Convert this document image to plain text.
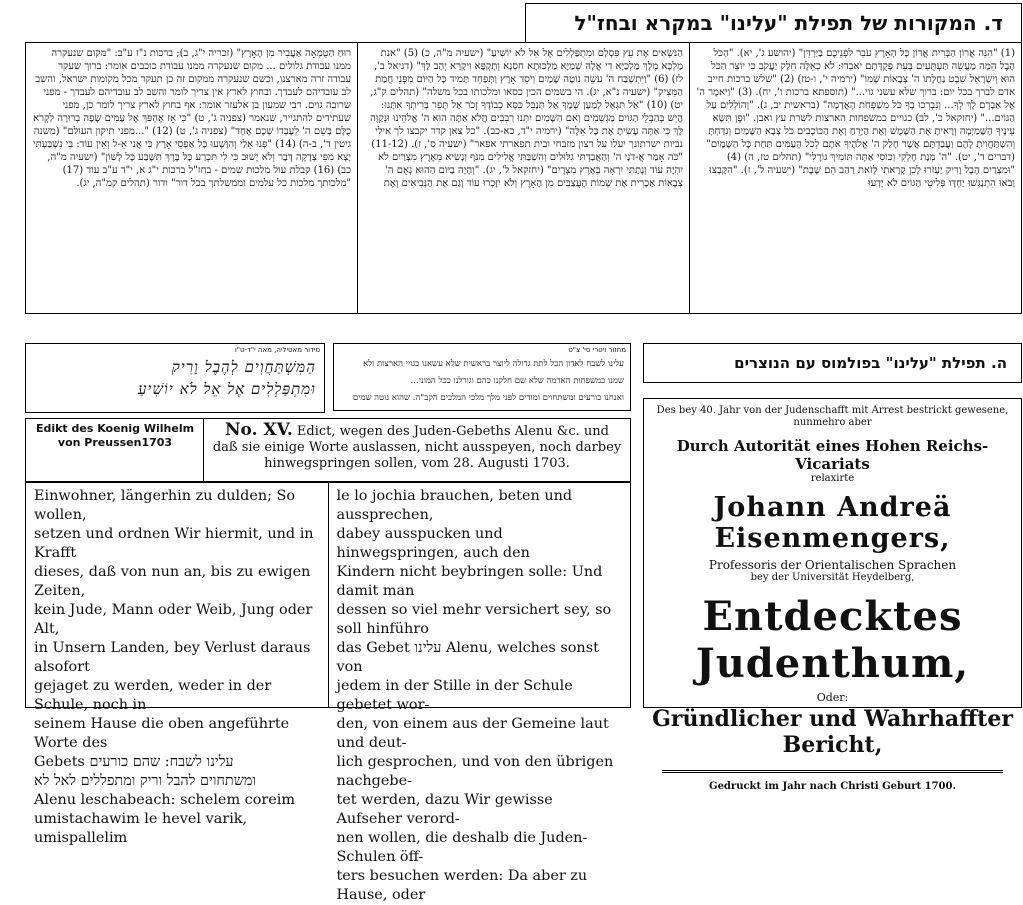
ד. המקורות של תפילת "עלינו" במקרא ובחז"ל
(1) "הִנֵּה אֲרוֹן הַבְּרִית אֲדוֹן כָּל הָאָרֶץ עֹבֵר לִפְנֵיכֶם בַּיַּרְדֵּן" (יהושע ג', יא). "הַכֹּל הֶבֶל הֵמָּה מַעֲשֵׂה תַּעְתֻּעִים בְּעֵת פְּקֻדָּתָם יֹאבֵדוּ: לֹא כְאֵלֶּה חֵלֶק יַעֲקֹב כִּי יוֹצֵר הַכֹּל הוּא וְיִשְׂרָאֵל שֵׁבֶט נַחֲלָתוֹ ה' צְבָאוֹת שְׁמוֹ" (ירמיה י', ו-טז) (2) "שלש ברכות חייב אדם לברך בכל יום: ברוך שלא עשני גוי..." (תוספתא ברכות ו', יח). (3) "וַיֹּאמֶר ה' אֶל אַבְרָם לֶךְ לְךָ... וְנִבְרְכוּ בְךָ כֹּל מִשְׁפְּחֹת הָאֲדָמָה" (בראשית יב, ג). "וְהוֹלְלִים עַל הַגּוֹיִם..." (יחזקאל כ', לב) כגויים כמשפחות הארצות לשרת עץ ואבן. "וּפֶן תִּשָּׂא עֵינֶיךָ הַשָּׁמַיְמָה וְרָאִיתָ אֶת הַשֶּׁמֶשׁ וְאֶת הַיָּרֵחַ וְאֶת הַכּוֹכָבִים כֹּל צְבָא הַשָּׁמַיִם וְנִדַּחְתָּ וְהִשְׁתַּחֲוִיתָ לָהֶם וַעֲבַדְתָּם אֲשֶׁר חָלַק ה' אֱלֹהֶיךָ אֹתָם לְכֹל הָעַמִּים תַּחַת כָּל הַשָּׁמָיִם" (דברים ד', יט). "ה' מְנָת חֶלְקִי וְכוֹסִי אַתָּה תּוֹמִיךְ גּוֹרָלִי" (תהלים טז, ה) (4) "וּמִצְרַיִם הֶבֶל וָרִיק יַעְזֹרוּ לָכֵן קָרָאתִי לָזֹאת רַהַב הֵם שָׁבֶת" (ישעיה ל', ז). "הִקָּבְצוּ וָבֹאוּ הִתְנַגְּשׁוּ יַחְדָּו פְּלִיטֵי הַגּוֹיִם לֹא יָדְעוּ
הַנֹּשְׂאִים אֶת עֵץ פִּסְלָם וּמִתְפַּלְלִים אֶל אֵל לֹא יוֹשִׁיעַ" (ישעיה מ"ה, כ) (5) "אנת מַלְכָּא מֶלֶךְ מַלְכַיָּא דִי אֱלָהּ שְׁמַיָּא מַלְכוּתָא חִסְנָא וְתָקְפָּא וִיקָרָא יְהַב לָךְ" (דניאל ב', לז) (6) "וַיִּתְשְׁבַּח ה' עֹשֵׂה נוֹטֶה שָׁמַיִם וְיֹסֵד אָרֶץ וַתְּפַחֵד תָּמִיד כָּל הַיּוֹם מִפְּנֵי חֲמַת הַמֵּצִיק" (ישעיה נ"א, יג). הי בשמים הכין כסאו ומלכותו בכל משלה" (תהלים ק"ג, יט) (10) "אַל תִּגְאַל לְמַעַן שְׁמֶךָ אַל תְּנַבֵּל כִּסֵּא כְבוֹדֶךָ זְכֹר אַל תָּפֵר בְּרִיתְךָ אִתָּנוּ: הֲיֵשׁ בְּהַבְלֵי הַגּוֹיִם מַגְשִׁמִים וְאִם הַשָּׁמַיִם יִתְּנוּ רְבִבִים הֲלֹא אַתָּה הוּא ה' אֱלֹהֵינוּ וּנְקַוֶּה לָּךְ כִּי אַתָּה עָשִׂיתָ אֶת כָּל אֵלֶּה" (ירמיה י"ד, כא-כב). "כל צאן קדר יקבצו לך אילי נביות ישרתונך יעלו על רצון מזבחי ובית תפארתי אפאר" (ישעיה ס', ז). (11-12) "כֹּה אָמַר אֲ-דֹנָי ה' וְהַאֲבַדְתִּי גִלּוּלִים וְהִשְׁבַּתִּי אֱלִילִים מִנֹּף וְנָשִׂיא מֵאֶרֶץ מִצְרַיִם לֹא יִהְיֶה עוֹד וְנָתַתִּי יִרְאָה בְּאֶרֶץ מִצְרָיִם" (יחזקאל ל', יג). "וְהָיָה בַיּוֹם הַהוּא נְאֻם ה' צְבָאוֹת אַכְרִית אֶת שְׁמוֹת הָעֲצַבִּים מִן הָאָרֶץ וְלֹא יִזָּכְרוּ עוֹד וְגַם אֶת הַנְּבִיאִים וְאֶת
רוּחַ הַטֻּמְאָה אַעֲבִיר מִן הָאָרֶץ" (זכריה י"ג, ב); ברכות נ"ז ע"ב: "מקום שנעקרה ממנו עבודת גלולים ... מקום שנעקרה ממנו עבודת כוכבים אומר: ברוך שעקר עבודה זרה מארצנו, וכשם שנעקרה ממקום זה כן תעקר מכל מקומות ישראל, והשב לב עובדיהם לעבדך. ובחוץ לארץ אין צריך לומר והשב לב עובדיהם לעבדך - מפני שרובה גוים. רבי שמעון בן אלעזר אומר: אף בחוץ לארץ צריך לומר כן, מפני שעתידים להתגייר, שנאמר (צפניה ג', ט) "כִּי אָז אֶהְפֹּךְ אֶל עַמִּים שָׂפָה בְרוּרָה לִקְרֹא כֻלָּם בְּשֵׁם ה' לְעָבְדוֹ שְׁכֶם אֶחָד" (צפניה ג', ט) (12) "...מפני תיקון העולם" (משנה גיטין ד', ב-ה) (14) "פְּנוּ אֵלַי וְהִוָּשְׁעוּ כָּל אַפְסֵי אָרֶץ כִּי אֲנִי אֵ-ל וְאֵין עוֹד: בִּי נִשְׁבַּעְתִּי יָצָא מִפִּי צְדָקָה דָּבָר וְלֹא יָשׁוּב כִּי לִי תִּכְרַע כָּל בֶּרֶךְ תִּשָּׁבַע כָּל לָשׁוֹן" (ישעיה מ"ה, כב) (16) קבלת עול מלכות שמים - בחז"ל ברכות י"ג א, י"ד ע"ב עוד (17) "מלכותך מלכות כל עלמים וממשלתך בכל דור" ודור (תהלים קמ"ה, יג).
סידור מאטיליה, מאה י"ד-ט"ו
הַמִּשְׁתַּחֲוִים לְהֶבֶל וָרִיק
וּמִתְפַּלְלִים אֶל אֵל לֹא יוֹשִׁיעַ
מחזור ויטרי סי' צ"ט
עלינו לשבח לאדון הכל לתת גדולה ליוצר בראשית שלא עשאנו כגויי הארצות ולא
שמנו כמשפחות האדמה שלא שם חלקנו כהם וגורלנו ככל המוני...
ואנחנו כורעים ומשתחוים ומודים לפני מלך מלכי המלכים הקב"ה. שהוא נוטה שמים
ה. תפילת "עלינו" בפולמוס עם הנוצרים
Edikt des Koenig Wilhelm von Preussen1703
No. XV. Edict, wegen des Juden-Gebeths Alenu &c. und daß sie einige Worte auslassen, nicht ausspeyen, noch darbey hinwegspringen sollen, vom 28. Augusti 1703.
Einwohner, längerhin zu dulden; So wollen,
setzen und ordnen Wir hiermit, und in Krafft
dieses, daß von nun an, bis zu ewigen Zeiten,
kein Jude, Mann oder Weib, Jung oder Alt,
in Unsern Landen, bey Verlust daraus alsofort
gejaget zu werden, weder in der Schule, noch in
seinem Hause die oben angeführte Worte des
Gebets עלינו לשבח: שהם כורעים
ומשתחוים להבל וריק ומתפללים לאל לא
Alenu leschabeach: schelem coreim
umistachawim le hevel varik, umispallelim
le lo jochia brauchen, beten und aussprechen,
dabey ausspucken und hinwegspringen, auch den
Kindern nicht beybringen solle: Und damit man
dessen so viel mehr versichert sey, so soll hinführo
das Gebet עלינו Alenu, welches sonst von
jedem in der Stille in der Schule gebetet wor-
den, von einem aus der Gemeine laut und deut-
lich gesprochen, und von den übrigen nachgebe-
tet werden, dazu Wir gewisse Aufseher verord-
nen wollen, die deshalb die Juden-Schulen öff-
ters besuchen werden: Da aber zu Hause, oder
Des bey 40. Jahr von der Judenschafft mit Arrest bestrickt gewesene, nunmehro aber
Durch Autorität eines Hohen Reichs-Vicariats
relaxirte
Johann Andreä Eisenmengers,
Professoris der Orientalischen Sprachen
bey der Universität Heydelberg,
Entdecktes Judenthum,
Oder:
Gründlicher und Wahrhaffter Bericht,
Gedruckt im Jahr nach Christi Geburt 1700.
